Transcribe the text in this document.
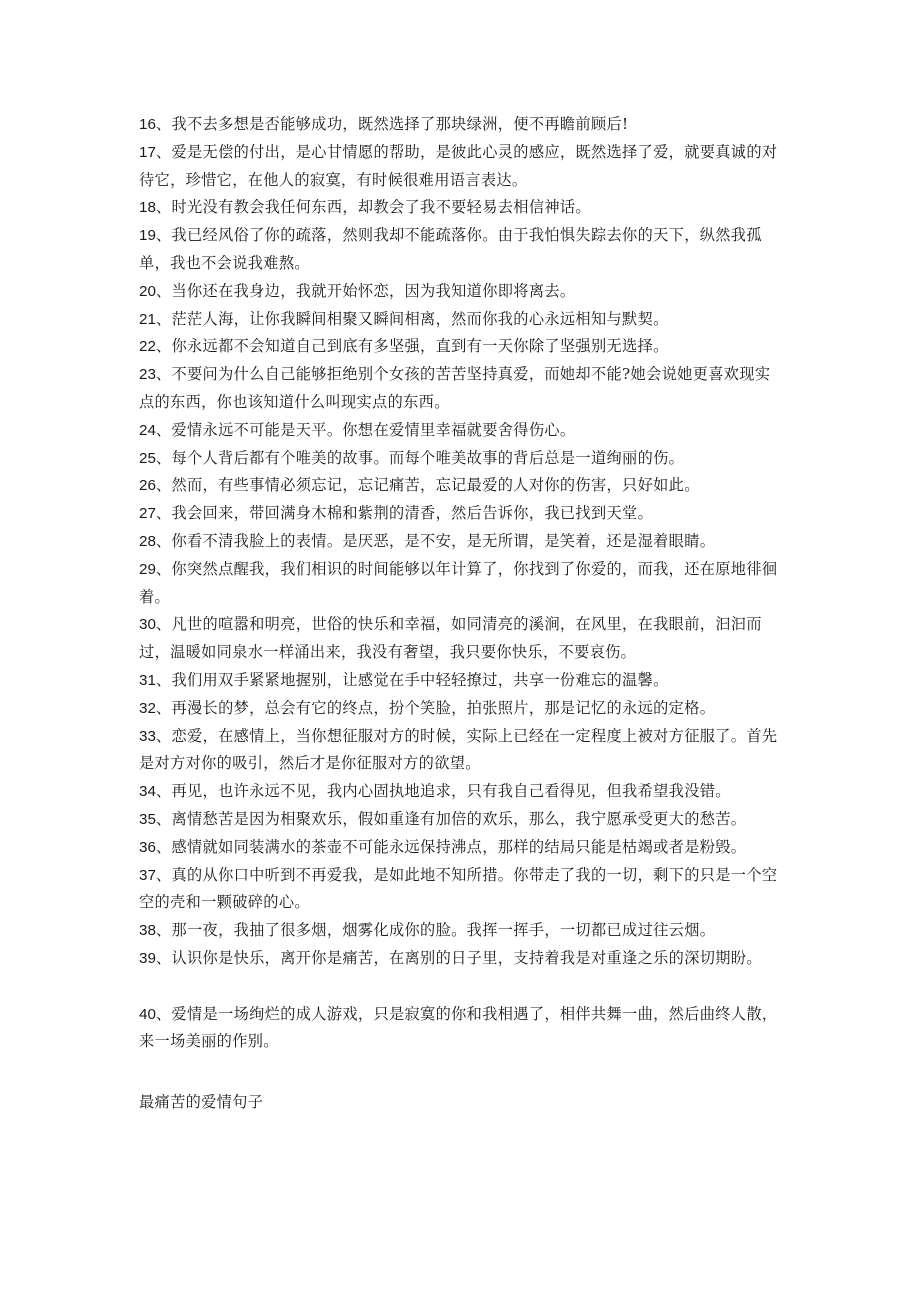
16、我不去多想是否能够成功，既然选择了那块绿洲，便不再瞻前顾后!

17、爱是无偿的付出，是心甘情愿的帮助，是彼此心灵的感应，既然选择了爱，就要真诚的对待它，珍惜它，在他人的寂寞，有时候很难用语言表达。

18、时光没有教会我任何东西，却教会了我不要轻易去相信神话。

19、我已经风俗了你的疏落，然则我却不能疏落你。由于我怕惧失踪去你的天下，纵然我孤单，我也不会说我难熬。

20、当你还在我身边，我就开始怀恋，因为我知道你即将离去。

21、茫茫人海，让你我瞬间相聚又瞬间相离，然而你我的心永远相知与默契。

22、你永远都不会知道自己到底有多坚强，直到有一天你除了坚强别无选择。

23、不要问为什么自己能够拒绝别个女孩的苦苦坚持真爱，而她却不能?她会说她更喜欢现实点的东西，你也该知道什么叫现实点的东西。

24、爱情永远不可能是天平。你想在爱情里幸福就要舍得伤心。

25、每个人背后都有个唯美的故事。而每个唯美故事的背后总是一道绚丽的伤。

26、然而，有些事情必须忘记，忘记痛苦，忘记最爱的人对你的伤害，只好如此。

27、我会回来，带回满身木棉和紫荆的清香，然后告诉你，我已找到天堂。

28、你看不清我脸上的表情。是厌恶，是不安，是无所谓，是笑着，还是湿着眼睛。

29、你突然点醒我，我们相识的时间能够以年计算了，你找到了你爱的，而我，还在原地徘徊着。

30、凡世的喧嚣和明亮，世俗的快乐和幸福，如同清亮的溪涧，在风里，在我眼前，汩汩而过，温暖如同泉水一样涌出来，我没有奢望，我只要你快乐，不要哀伤。

31、我们用双手紧紧地握别，让感觉在手中轻轻撩过，共享一份难忘的温馨。

32、再漫长的梦，总会有它的终点，扮个笑脸，拍张照片，那是记忆的永远的定格。

33、恋爱，在感情上，当你想征服对方的时候，实际上已经在一定程度上被对方征服了。首先是对方对你的吸引，然后才是你征服对方的欲望。

34、再见，也许永远不见，我内心固执地追求，只有我自己看得见，但我希望我没错。

35、离情愁苦是因为相聚欢乐，假如重逢有加倍的欢乐，那么，我宁愿承受更大的愁苦。

36、感情就如同装满水的茶壶不可能永远保持沸点，那样的结局只能是枯竭或者是粉毁。

37、真的从你口中听到不再爱我，是如此地不知所措。你带走了我的一切，剩下的只是一个空空的壳和一颗破碎的心。

38、那一夜，我抽了很多烟，烟雾化成你的脸。我挥一挥手，一切都已成过往云烟。

39、认识你是快乐，离开你是痛苦，在离别的日子里，支持着我是对重逢之乐的深切期盼。

40、爱情是一场绚烂的成人游戏，只是寂寞的你和我相遇了，相伴共舞一曲，然后曲终人散，来一场美丽的作别。

最痛苦的爱情句子
